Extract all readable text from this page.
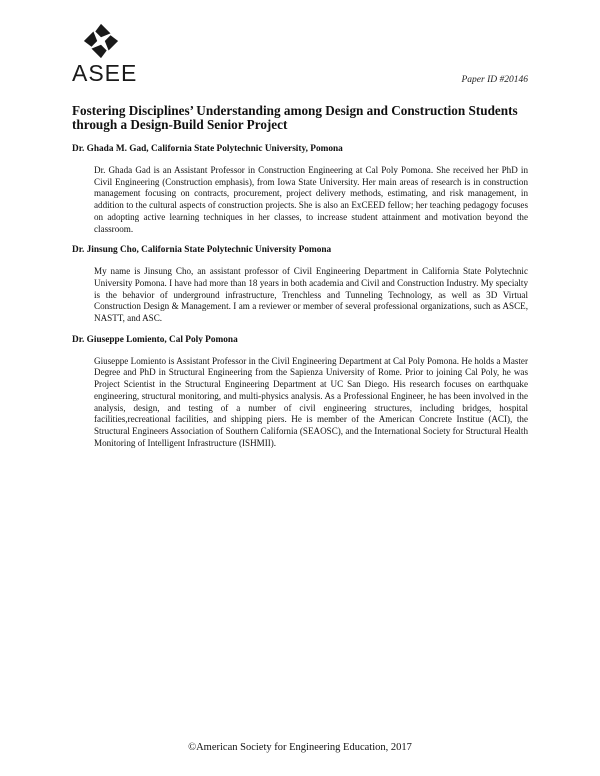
ASEE	Paper ID #20146
Fostering Disciplines’ Understanding among Design and Construction Students through a Design-Build Senior Project
Dr. Ghada M. Gad, California State Polytechnic University, Pomona

Dr. Ghada Gad is an Assistant Professor in Construction Engineering at Cal Poly Pomona. She received her PhD in Civil Engineering (Construction emphasis), from Iowa State University. Her main areas of research is in construction management focusing on contracts, procurement, project delivery methods, estimating, and risk management, in addition to the cultural aspects of construction projects. She is also an ExCEED fellow; her teaching pedagogy focuses on adopting active learning techniques in her classes, to increase student attainment and motivation beyond the classroom.

Dr. Jinsung Cho, California State Polytechnic University Pomona

My name is Jinsung Cho, an assistant professor of Civil Engineering Department in California State Polytechnic University Pomona. I have had more than 18 years in both academia and Civil and Construction Industry. My specialty is the behavior of underground infrastructure, Trenchless and Tunneling Technology, as well as 3D Virtual Construction Design & Management. I am a reviewer or member of several professional organizations, such as ASCE, NASTT, and ASC.

Dr. Giuseppe Lomiento, Cal Poly Pomona

Giuseppe Lomiento is Assistant Professor in the Civil Engineering Department at Cal Poly Pomona. He holds a Master Degree and PhD in Structural Engineering from the Sapienza University of Rome. Prior to joining Cal Poly, he was Project Scientist in the Structural Engineering Department at UC San Diego. His research focuses on earthquake engineering, structural monitoring, and multi-physics analysis. As a Professional Engineer, he has been involved in the analysis, design, and testing of a number of civil engineering structures, including bridges, hospital facilities,recreational facilities, and shipping piers. He is member of the American Concrete Institue (ACI), the Structural Engineers Association of Southern California (SEAOSC), and the International Society for Structural Health Monitoring of Intelligent Infrastructure (ISHMII).

©American Society for Engineering Education, 2017
